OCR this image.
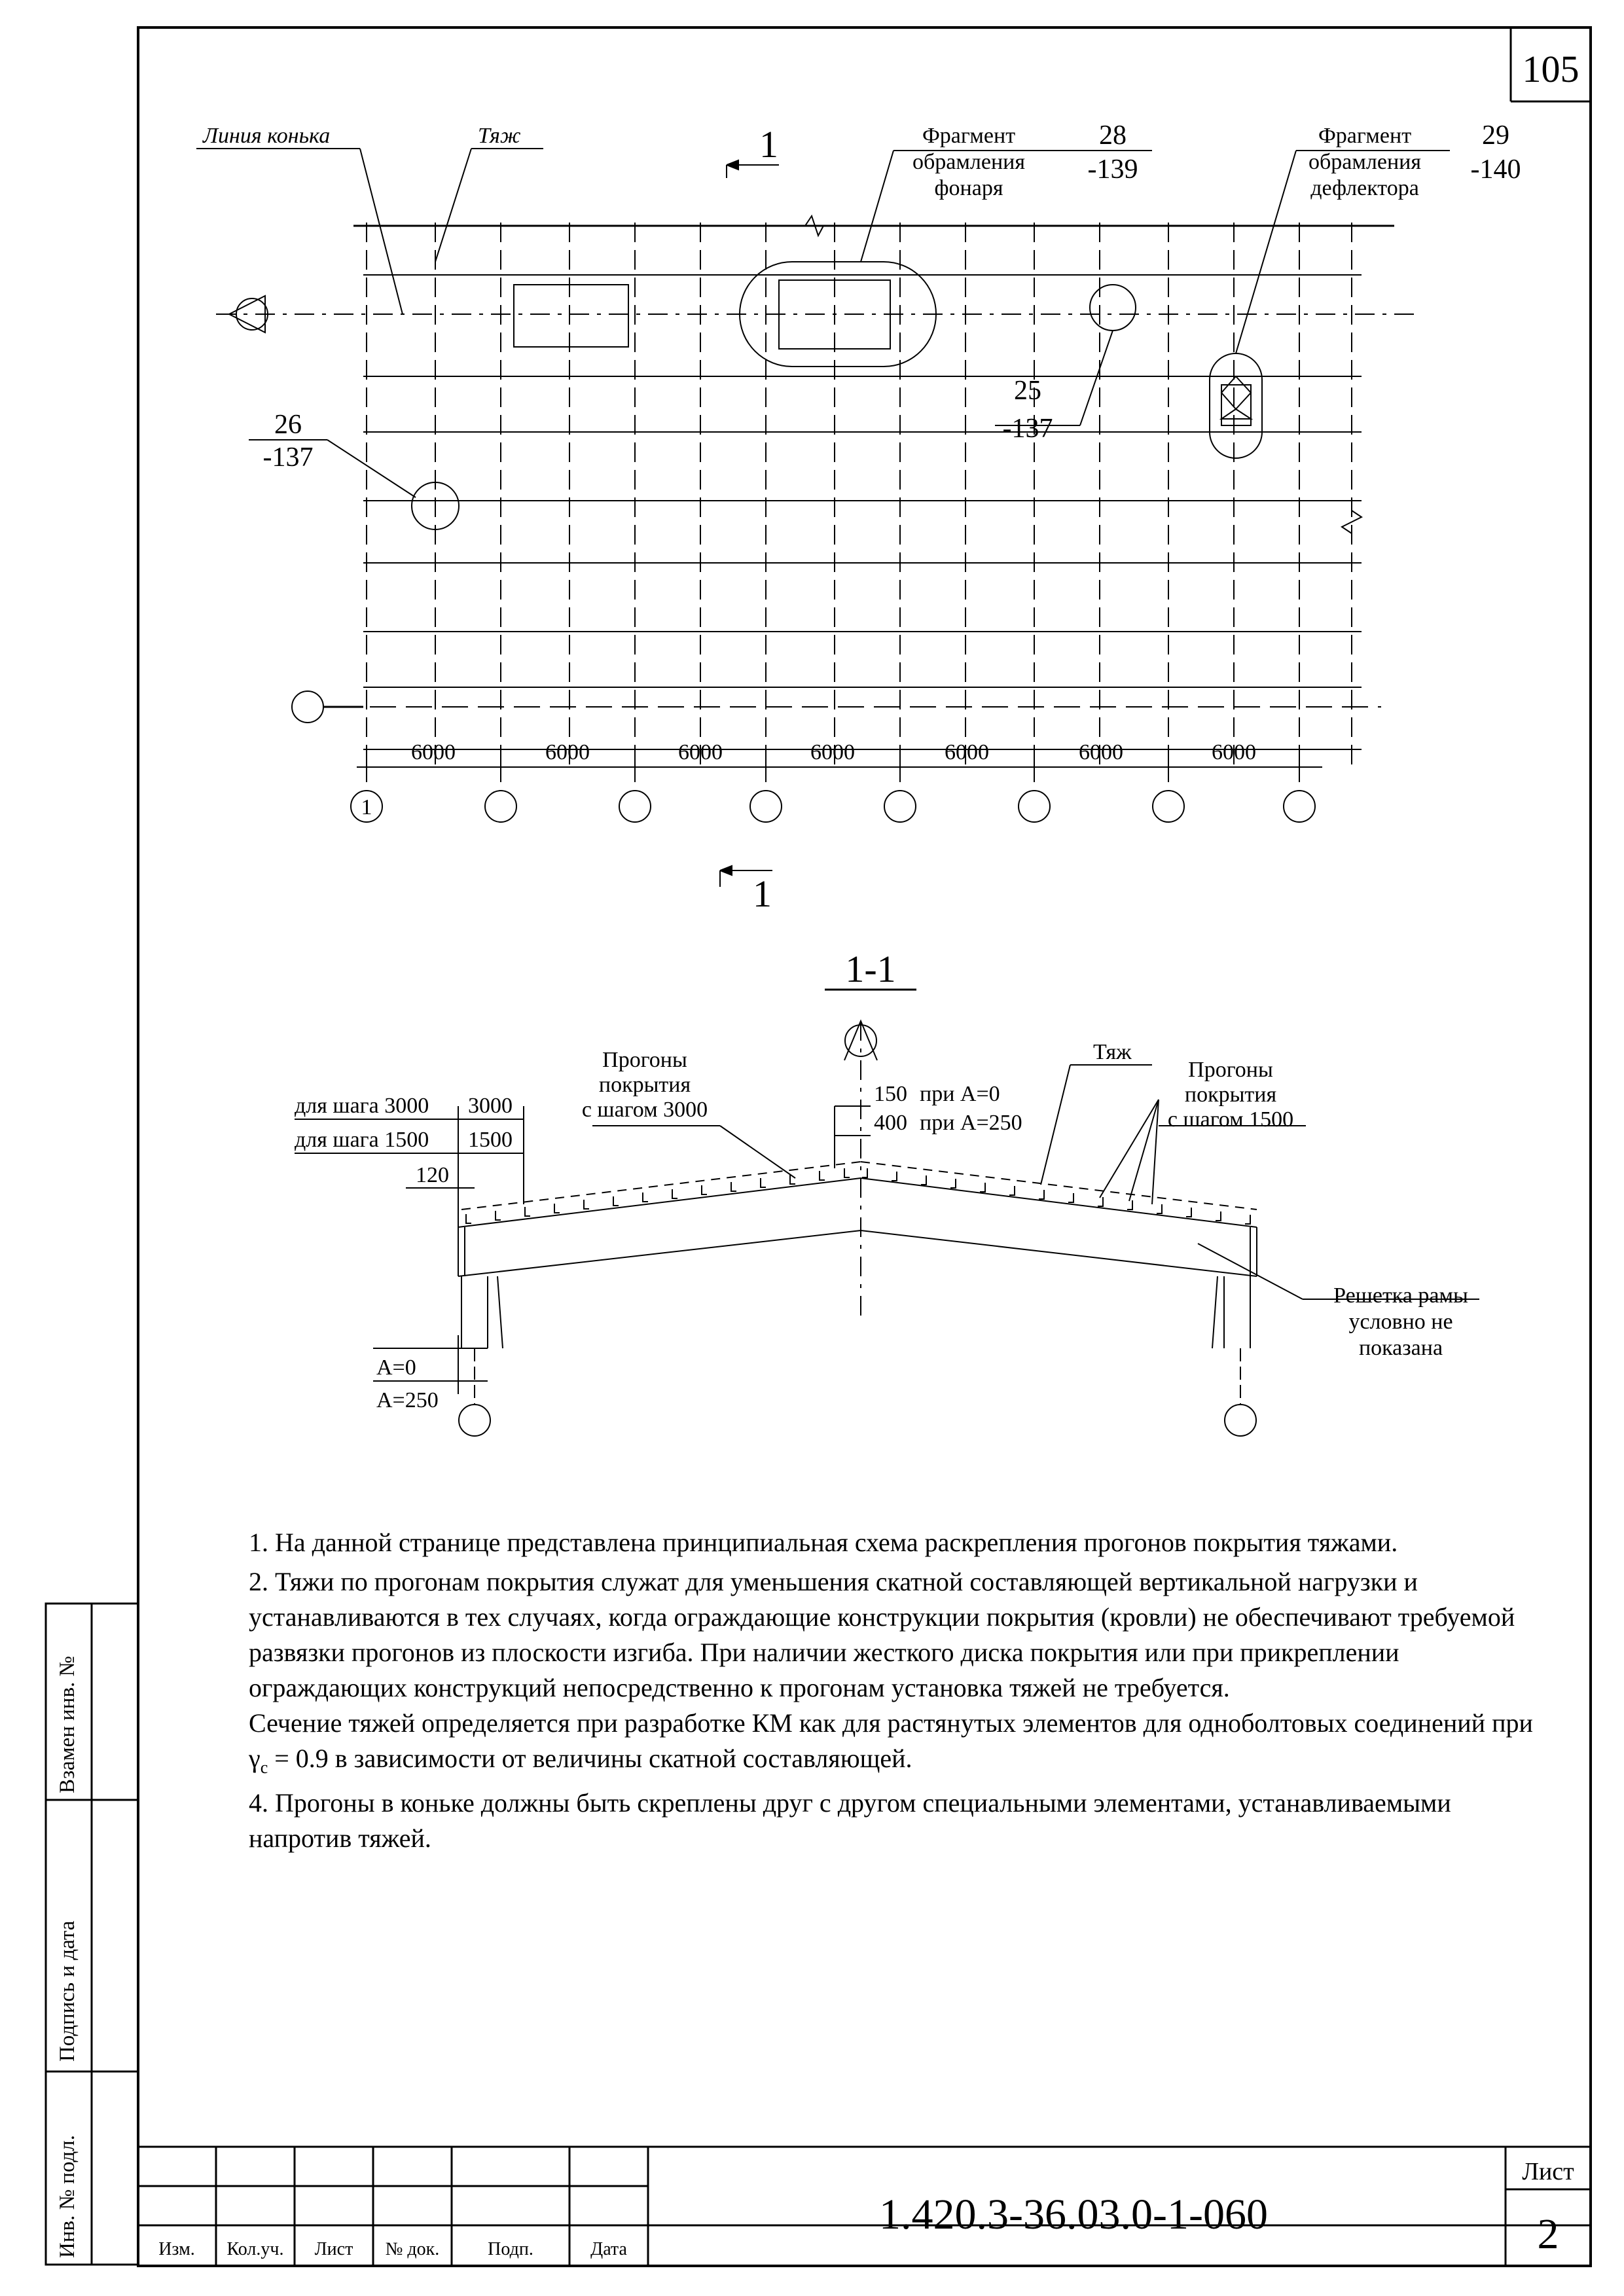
105
Линия конька	Тяж	1	Фрагмент
обрамления
фонаря
28
-139
Фрагмент
обрамления
дефлектора
29
-140
25
-137
26
-137
6000	6000	6000	6000	6000	6000	6000
1
1
1-1
Прогоны
покрытия
с шагом 3000
Тяж
Прогоны
покрытия
с шагом 1500
для шага 3000 3000
для шага 1500 1500
120
150 при А=0
400 при А=250
А=0
А=250
Решетка рамы
условно не
показана
Изм. Кол.уч. Лист № док.	Подп.	Дата
1.420.3-36.03.0-1-060
Лист
2

1. На данной странице представлена принципиальная схема раскрепления прогонов покрытия тяжами.

2. Тяжи по прогонам покрытия служат для уменьшения скатной составляющей вертикальной нагрузки и устанавливаются в тех случаях, когда ограждающие конструкции покрытия (кровли) не обеспечивают требуемой развязки прогонов из плоскости изгиба. При наличии жесткого диска покрытия или при прикреплении ограждающих конструкций непосредственно к прогонам установка тяжей не требуется.

Сечение тяжей определяется при разработке КМ как для растянутых элементов для однoболтовых соединений при $\gamma_c = 0.9$ в зависимости от величины скатной составляющей.

4. Прогоны в коньке должны быть скреплены друг с другом специальными элементами, устанавливаемыми напротив тяжей.

Взамен инв. №
Подпись и дата
Инв. № подл.
